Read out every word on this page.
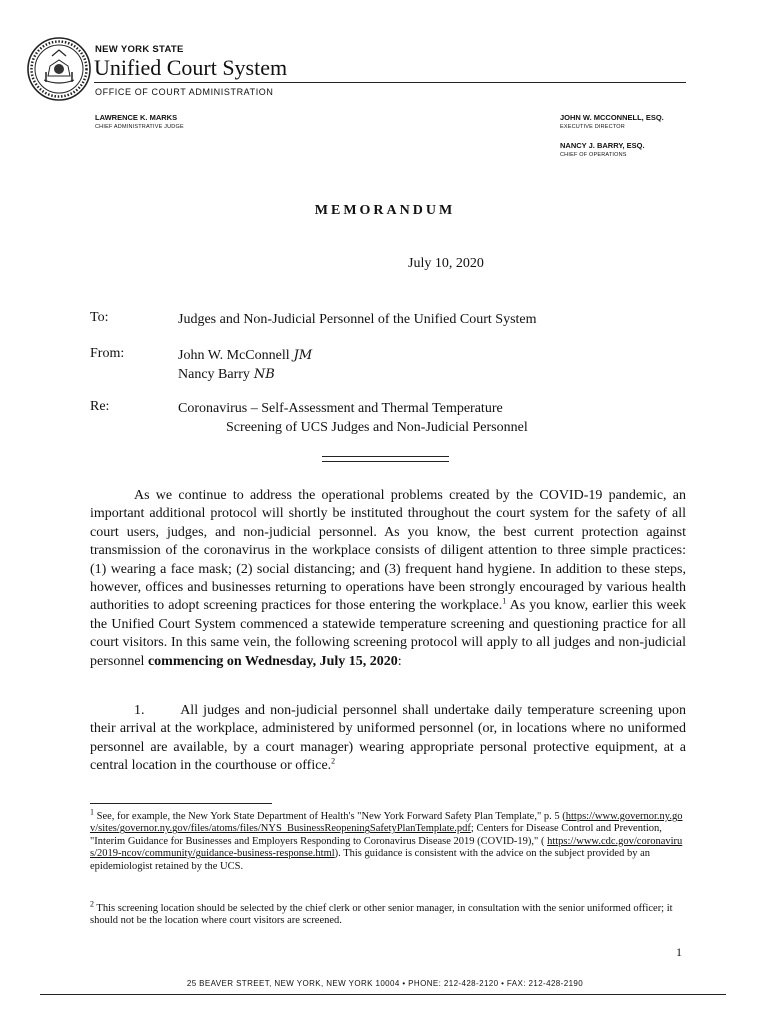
NEW YORK STATE
Unified Court System
OFFICE OF COURT ADMINISTRATION
LAWRENCE K. MARKS
CHIEF ADMINISTRATIVE JUDGE
JOHN W. MCCONNELL, ESQ.
EXECUTIVE DIRECTOR
NANCY J. BARRY, ESQ.
CHIEF OF OPERATIONS
MEMORANDUM
July 10, 2020
To:	Judges and Non-Judicial Personnel of the Unified Court System
From:	John W. McConnell JM
Nancy Barry NB
Re:	Coronavirus – Self-Assessment and Thermal Temperature
Screening of UCS Judges and Non-Judicial Personnel

As we continue to address the operational problems created by the COVID-19 pandemic, an important additional protocol will shortly be instituted throughout the court system for the safety of all court users, judges, and non-judicial personnel. As you know, the best current protection against transmission of the coronavirus in the workplace consists of diligent attention to three simple practices: (1) wearing a face mask; (2) social distancing; and (3) frequent hand hygiene. In addition to these steps, however, offices and businesses returning to operations have been strongly encouraged by various health authorities to adopt screening practices for those entering the workplace.$^1$ As you know, earlier this week the Unified Court System commenced a statewide temperature screening and questioning practice for all court visitors. In this same vein, the following screening protocol will apply to all judges and non-judicial personnel commencing on Wednesday, July 15, 2020:

1.	All judges and non-judicial personnel shall undertake daily temperature screening upon their arrival at the workplace, administered by uniformed personnel (or, in locations where no uniformed personnel are available, by a court manager) wearing appropriate personal protective equipment, at a central location in the courthouse or office.$^2$

$^1$ See, for example, the New York State Department of Health's "New York Forward Safety Plan Template," p. 5 (https://www.governor.ny.gov/sites/governor.ny.gov/files/atoms/files/NYS_BusinessReopeningSafetyPlanTemplate.pdf; Centers for Disease Control and Prevention, "Interim Guidance for Businesses and Employers Responding to Coronavirus Disease 2019 (COVID-19)," ( https://www.cdc.gov/coronavirus/2019-ncov/community/guidance-business-response.html). This guidance is consistent with the advice on the subject provided by an epidemiologist retained by the UCS.

$^2$ This screening location should be selected by the chief clerk or other senior manager, in consultation with the senior uniformed officer; it should not be the location where court visitors are screened.

1
25 BEAVER STREET, NEW YORK, NEW YORK 10004 • PHONE: 212-428-2120 • FAX: 212-428-2190
